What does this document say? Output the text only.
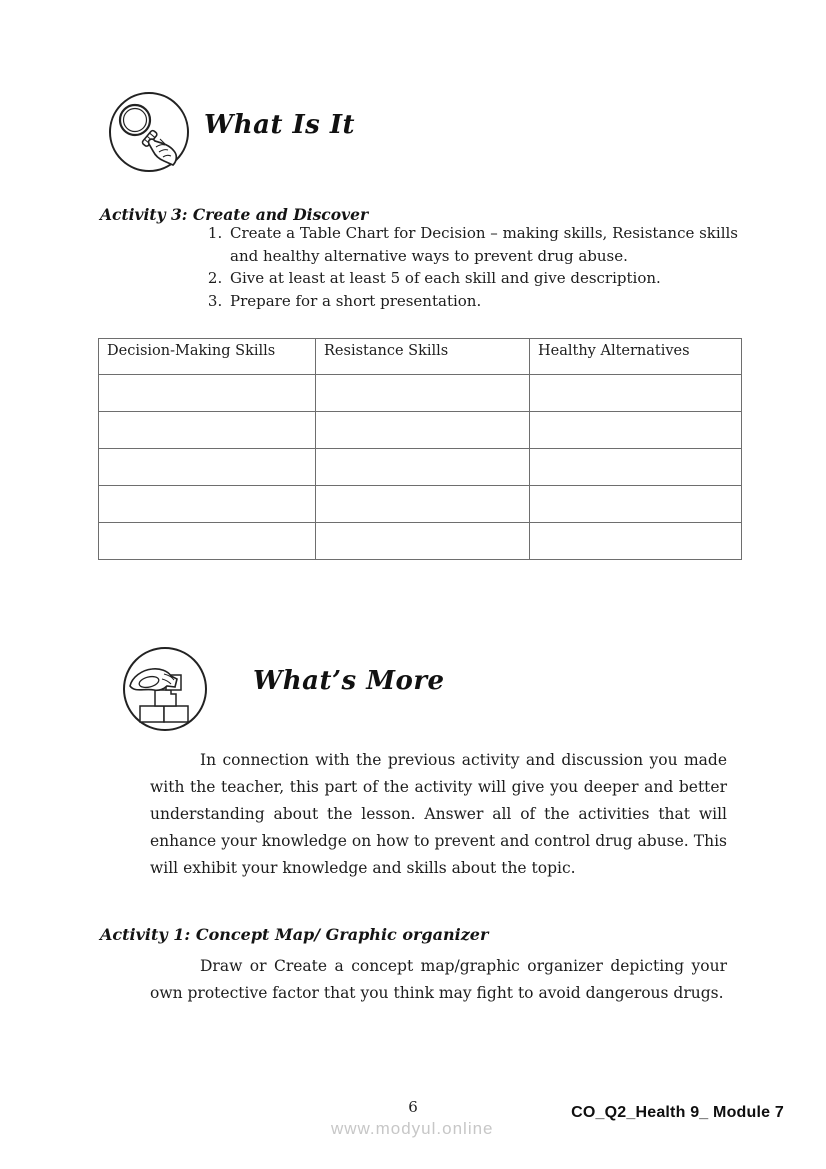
What Is It
Activity 3: Create and Discover
1. Create a Table Chart for Decision – making skills, Resistance skills and healthy alternative ways to prevent drug abuse.
2. Give at least at least 5 of each skill and give description.
3. Prepare for a short presentation.
Decision-Making Skills	Resistance Skills	Healthy Alternatives

What’s More

In connection with the previous activity and discussion you made with the teacher, this part of the activity will give you deeper and better understanding about the lesson. Answer all of the activities that will enhance your knowledge on how to prevent and control drug abuse. This will exhibit your knowledge and skills about the topic.

Activity 1: Concept Map/ Graphic organizer

Draw or Create a concept map/graphic organizer depicting your own protective factor that you think may fight to avoid dangerous drugs.

6
www.modyul.online
CO_Q2_Health 9_ Module 7
